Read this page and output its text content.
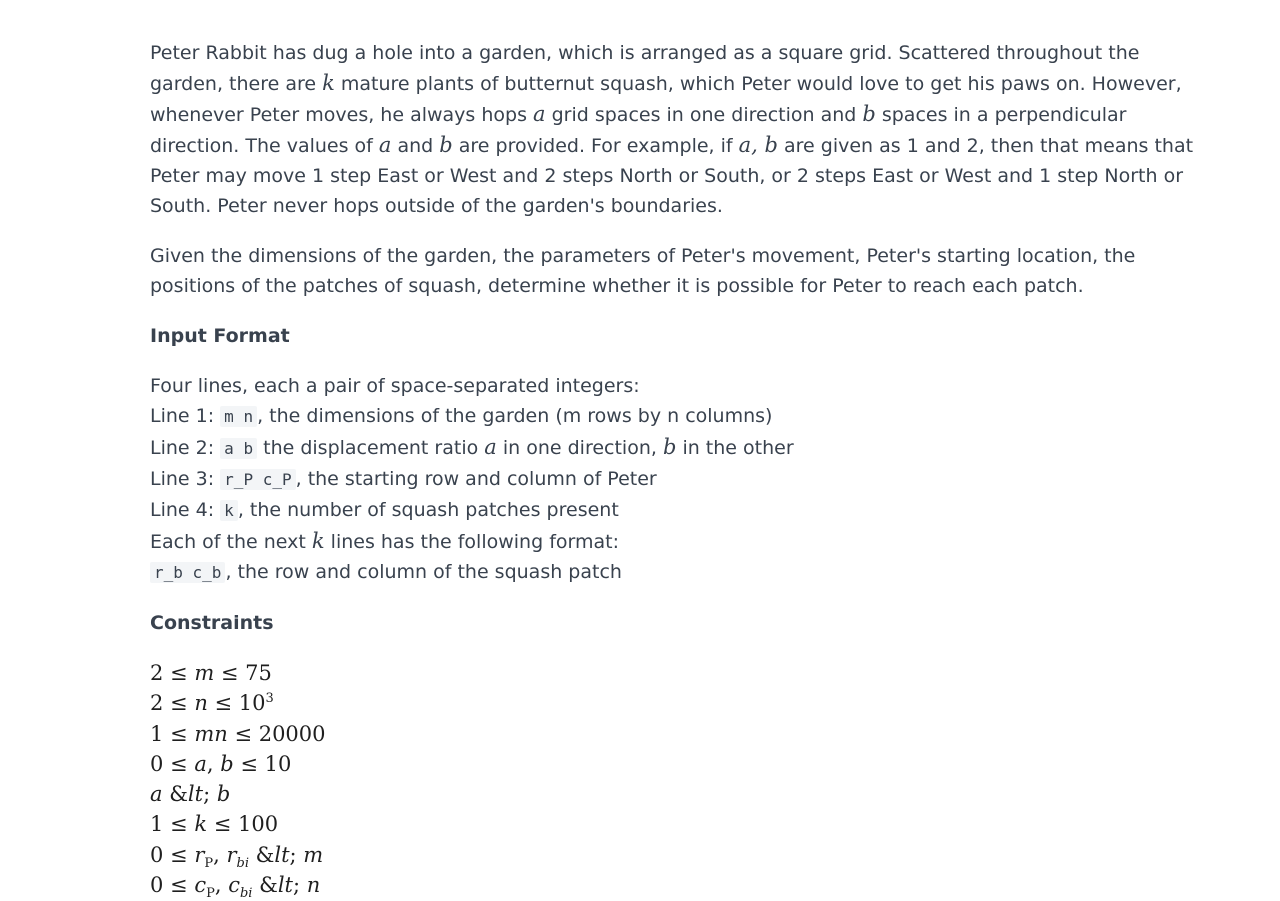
Peter Rabbit has dug a hole into a garden, which is arranged as a square grid. Scattered throughout the
garden, there are k mature plants of butternut squash, which Peter would love to get his paws on. However,
whenever Peter moves, he always hops a grid spaces in one direction and b spaces in a perpendicular
direction. The values of a and b are provided. For example, if a, b are given as 1 and 2, then that means that
Peter may move 1 step East or West and 2 steps North or South, or 2 steps East or West and 1 step North or
South. Peter never hops outside of the garden's boundaries.

Given the dimensions of the garden, the parameters of Peter's movement, Peter's starting location, the
positions of the patches of squash, determine whether it is possible for Peter to reach each patch.

Input Format

Four lines, each a pair of space-separated integers:
Line 1: m n , the dimensions of the garden (m rows by n columns)
Line 2: a b the displacement ratio a in one direction, b in the other
Line 3: r_P c_P , the starting row and column of Peter
Line 4: k , the number of squash patches present
Each of the next k lines has the following format:
r_b c_b , the row and column of the squash patch

Constraints
2 ≤ m ≤ 75
$2 \le n \le 10^3$
1 ≤ mn ≤ 20000
0 ≤ a, b ≤ 10
a &lt; b
1 ≤ k ≤ 100
$0 \le r_P$, $r_{bi}$ &lt; m
$0 \le c_P$, $c_{bi}$ &lt; n
